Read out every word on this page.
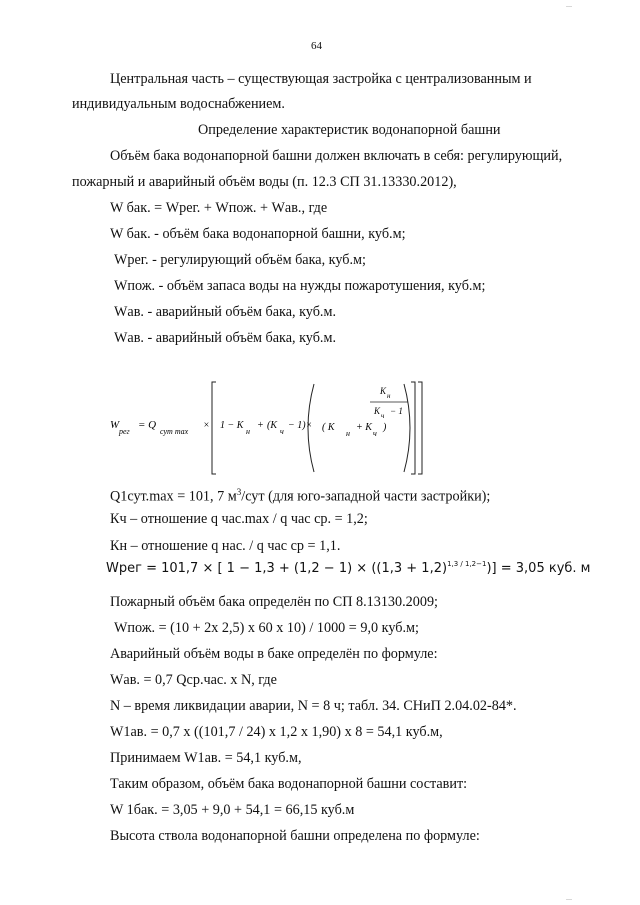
64
...
...
Центральная часть – существующая застройка с централизованным и
индивидуальным водоснабжением.
Определение характеристик водонапорной башни
Объём бака водонапорной башни должен включать в себя: регулирующий,
пожарный и аварийный объём воды (п. 12.3 СП 31.13330.2012),
W бак. = Wрег. + Wпож. + Wав., где
W бак. - объём бака водонапорной башни, куб.м;
Wрег. - регулирующий объём бака, куб.м;
Wпож. - объём запаса воды на нужды пожаротушения, куб.м;
Wав. - аварийный объём бака, куб.м.
Wав. - аварийный объём бака, куб.м.
W
рег
= Q
сут max
× 1 − K
н
+ (K
ч
− 1)× ( K
н
+ K
ч
)
K н
K ч − 1
Q1сут.max = 101, 7 $м^3$/сут (для юго-западной части застройки);
Кч – отношение q час.max / q час ср. = 1,2;
Кн – отношение q нас. / q час ср = 1,1.
Wрег = 101,7 × [ $1 - 1,3 + (1,2 - 1) \times ((1,3 + 1,2)^{1,3 / 1,2-1})] = 3,05$ куб. м
Пожарный объём бака определён по СП 8.13130.2009;
Wпож. = (10 + 2х 2,5) х 60 х 10) / 1000 = 9,0 куб.м;
Аварийный объём воды в баке определён по формуле:
Wав. = 0,7 Qср.час. х N, где
N – время ликвидации аварии, N = 8 ч; табл. 34. СНиП 2.04.02-84*.
W1ав. = 0,7 х ((101,7 / 24) х 1,2 х 1,90) х 8 = 54,1 куб.м,
Принимаем W1ав. = 54,1 куб.м,
Таким образом, объём бака водонапорной башни составит:
W 1бак. = 3,05 + 9,0 + 54,1 = 66,15 куб.м
Высота ствола водонапорной башни определена по формуле:
